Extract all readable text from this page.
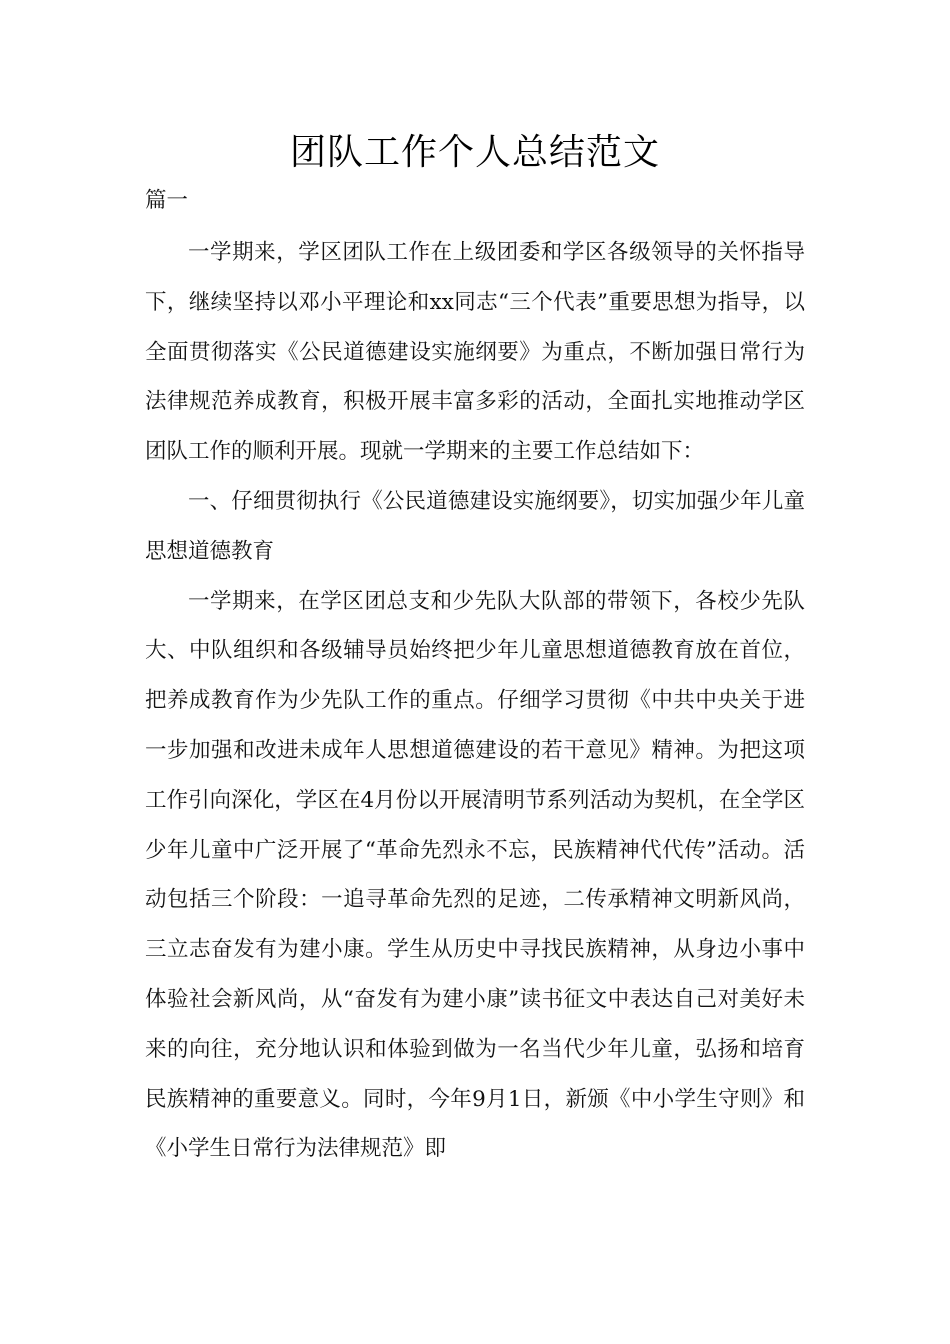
团队工作个人总结范文
篇一

一学期来，学区团队工作在上级团委和学区各级领导的关怀指导下，继续坚持以邓小平理论和xx同志“三个代表”重要思想为指导，以全面贯彻落实《公民道德建设实施纲要》为重点，不断加强日常行为法律规范养成教育，积极开展丰富多彩的活动，全面扎实地推动学区团队工作的顺利开展。现就一学期来的主要工作总结如下：

一、仔细贯彻执行《公民道德建设实施纲要》，切实加强少年儿童思想道德教育

一学期来，在学区团总支和少先队大队部的带领下，各校少先队大、中队组织和各级辅导员始终把少年儿童思想道德教育放在首位，把养成教育作为少先队工作的重点。仔细学习贯彻《中共中央关于进一步加强和改进未成年人思想道德建设的若干意见》精神。为把这项工作引向深化，学区在4月份以开展清明节系列活动为契机，在全学区少年儿童中广泛开展了“革命先烈永不忘，民族精神代代传”活动。活动包括三个阶段：一追寻革命先烈的足迹，二传承精神文明新风尚，三立志奋发有为建小康。学生从历史中寻找民族精神，从身边小事中体验社会新风尚，从“奋发有为建小康”读书征文中表达自己对美好未来的向往，充分地认识和体验到做为一名当代少年儿童，弘扬和培育民族精神的重要意义。同时，今年9月1日，新颁《中小学生守则》和《小学生日常行为法律规范》即
